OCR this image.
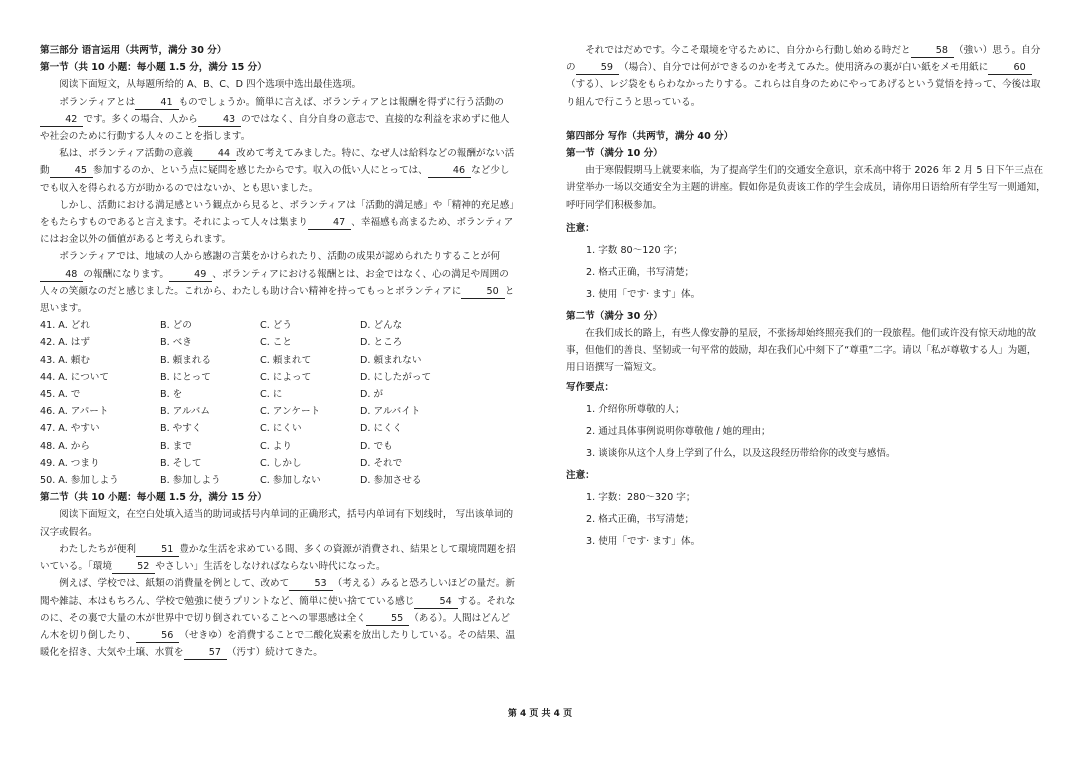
第三部分 语言运用（共两节，满分 30 分）
第一节（共 10 小题：每小题 1.5 分，满分 15 分）
阅读下面短文，从每题所给的 A、B、C、D 四个选项中选出最佳选项。
ボランティアとは	41 ものでしょうか。簡単に言えば、ボランティアとは報酬を得ずに行う活動の42 です。多くの場合、人から	43 のではなく、自分自身の意志で、直接的な利益を求めずに他人や社会のために行動する人々のことを指します。
私は、ボランティア活動の意義	44 改めて考えてみました。特に、なぜ人は給料などの報酬がない活動	45 参加するのか、という点に疑問を感じたからです。収入の低い人にとっては、	46 など少しでも収入を得られる方が助かるのではないか、とも思いました。
しかし、活動における満足感という観点から見ると、ボランティアは「活動的満足感」や「精神的充足感」をもたらすものであると言えます。それによって人々は集まり	47 、幸福感も高まるため、ボランティアにはお金以外の価値があると考えられます。
ボランティアでは、地域の人から感謝の言葉をかけられたり、活動の成果が認められたりすることが何48 の報酬になります。	49 、ボランティアにおける報酬とは、お金ではなく、心の満足や周囲の人々の笑顔なのだと感じました。これから、わたしも助け合い精神を持ってもっとボランティアに	50 と思います。
41. A. どれ	B. どの	C. どう	D. どんな
42. A. はず	B. べき	C. こと	D. ところ
43. A. 頼む	B. 頼まれる	C. 頼まれて	D. 頼まれない
44. A. について	B. にとって	C. によって	D. にしたがって
45. A. で	B. を	C. に	D. が
46. A. アパート	B. アルバム	C. アンケート	D. アルバイト
47. A. やすい	B. やすく	C. にくい	D. にくく
48. A. から	B. まで	C. より	D. でも
49. A. つまり	B. そして	C. しかし	D. それで
50. A. 参加しよう	B. 参加しよう	C. 参加しない	D. 参加させる
第二节（共 10 小题：每小题 1.5 分，满分 15 分）
阅读下面短文，在空白处填入适当的助词或括号内单词的正确形式，括号内单词有下划线时， 写出该单词的汉字或假名。
わたしたちが便利	51 豊かな生活を求めている間、多くの資源が消費され、結果として環境問題を招いている。「環境	52 やさしい」生活をしなければならない時代になった。
例えば、学校では、紙類の消費量を例として、改めて	53 （考える）みると恐ろしいほどの量だ。新聞や雑誌、本はもちろん、学校で勉強に使うプリントなど、簡単に使い捨てている感じ	54 する。それなのに、その裏で大量の木が世界中で切り倒されていることへの罪悪感は全く	55 （ある）。人間はどんどん木を切り倒したり、	56 （せきゆ）を消費することで二酸化炭素を放出したりしている。その結果、温暖化を招き、大気や土壌、水質を	57 （汚す）続けてきた。
それではだめです。今こそ環境を守るために、自分から行動し始める時だと	58 （強い）思う。自分の	59 （場合）、自分では何ができるのかを考えてみた。使用済みの裏が白い紙をメモ用紙に	60（する）、レジ袋をもらわなかったりする。これらは自身のためにやってあげるという覚悟を持って、今後は取り組んで行こうと思っている。
第四部分 写作（共两节，满分 40 分）
第一节（满分 10 分）
由于寒假假期马上就要来临，为了提高学生们的交通安全意识，京禾高中将于 2026 年 2 月 5 日下午三点在讲堂举办一场以交通安全为主题的讲座。假如你是负责该工作的学生会成员，请你用日语给所有学生写一则通知，呼吁同学们积极参加。
注意：
1. 字数 80～120 字；
2. 格式正确，书写清楚；
3. 使用「です· ます」体。
第二节（满分 30 分）
在我们成长的路上，有些人像安静的星辰，不张扬却始终照亮我们的一段旅程。他们或许没有惊天动地的故事，但他们的善良、坚韧或一句平常的鼓励，却在我们心中刻下了“尊重”二字。请以「私が尊敬する人」为题，用日语撰写一篇短文。
写作要点：
1. 介绍你所尊敬的人；
2. 通过具体事例说明你尊敬他 / 她的理由；
3. 谈谈你从这个人身上学到了什么，以及这段经历带给你的改变与感悟。
注意：
1. 字数：280～320 字；
2. 格式正确，书写清楚；
3. 使用「です· ます」体。
第 4 页 共 4 页
